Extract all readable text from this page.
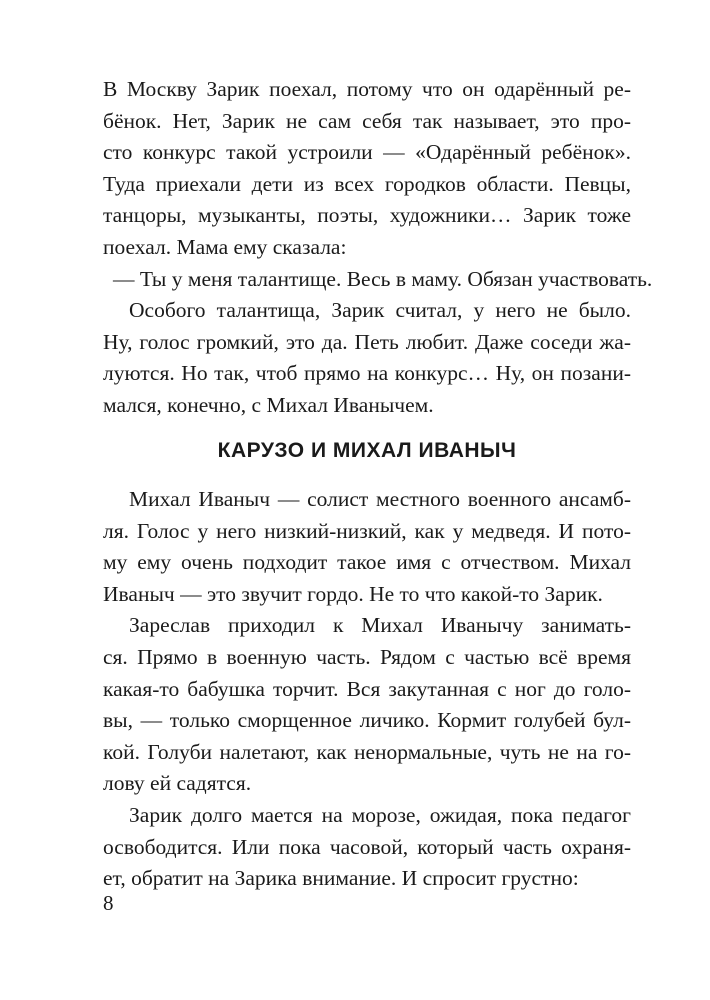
В Москву Зарик поехал, потому что он одарённый ре-
бёнок. Нет, Зарик не сам себя так называет, это про-
сто конкурс такой устроили — «Одарённый ребёнок».
Туда приехали дети из всех городков области. Певцы,
танцоры, музыканты, поэты, художники… Зарик тоже
поехал. Мама ему сказала:
— Ты у меня талантище. Весь в маму. Обязан участвовать.
Особого талантища, Зарик считал, у него не было.
Ну, голос громкий, это да. Петь любит. Даже соседи жа-
луются. Но так, чтоб прямо на конкурс… Ну, он позани-
мался, конечно, с Михал Иванычем.
КАРУЗО И МИХАЛ ИВАНЫЧ
Михал Иваныч — солист местного военного ансамб-
ля. Голос у него низкий-низкий, как у медведя. И пото-
му ему очень подходит такое имя с отчеством. Михал
Иваныч — это звучит гордо. Не то что какой-то Зарик.
Зареслав приходил к Михал Иванычу занимать-
ся. Прямо в военную часть. Рядом с частью всё время
какая-то бабушка торчит. Вся закутанная с ног до голо-
вы, — только сморщенное личико. Кормит голубей бул-
кой. Голуби налетают, как ненормальные, чуть не на го-
лову ей садятся.
Зарик долго мается на морозе, ожидая, пока педагог
освободится. Или пока часовой, который часть охраня-
ет, обратит на Зарика внимание. И спросит грустно:
8
